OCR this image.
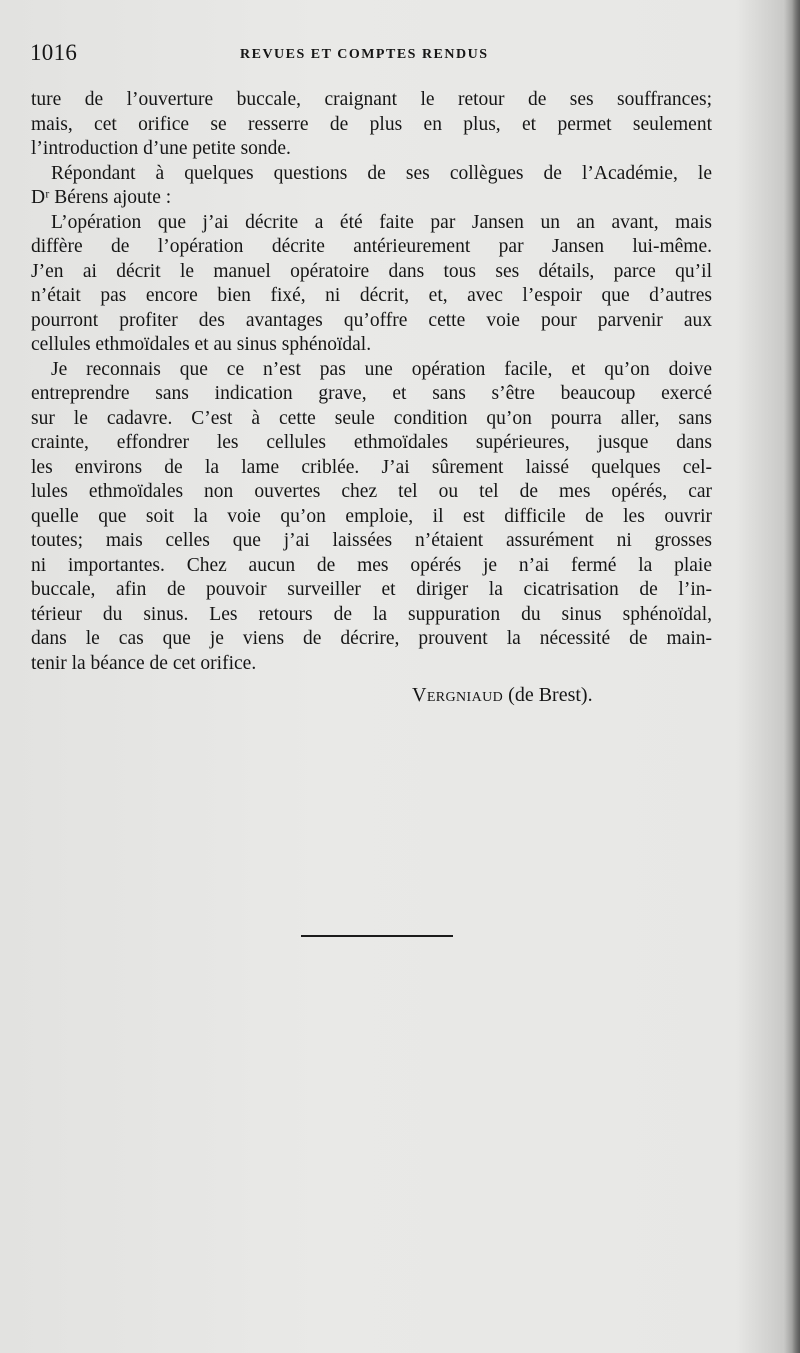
1016	REVUES ET COMPTES RENDUS
ture de l’ouverture buccale, craignant le retour de ses souffrances;
mais, cet orifice se resserre de plus en plus, et permet seulement
l’introduction d’une petite sonde.
Répondant à quelques questions de ses collègues de l’Académie, le
Dʳ Bérens ajoute :
L’opération que j’ai décrite a été faite par Jansen un an avant, mais
diffère de l’opération décrite antérieurement par Jansen lui-même.
J’en ai décrit le manuel opératoire dans tous ses détails, parce qu’il
n’était pas encore bien fixé, ni décrit, et, avec l’espoir que d’autres
pourront profiter des avantages qu’offre cette voie pour parvenir aux
cellules ethmoïdales et au sinus sphénoïdal.
Je reconnais que ce n’est pas une opération facile, et qu’on doive
entreprendre sans indication grave, et sans s’être beaucoup exercé
sur le cadavre. C’est à cette seule condition qu’on pourra aller, sans
crainte, effondrer les cellules ethmoïdales supérieures, jusque dans
les environs de la lame criblée. J’ai sûrement laissé quelques cel-
lules ethmoïdales non ouvertes chez tel ou tel de mes opérés, car
quelle que soit la voie qu’on emploie, il est difficile de les ouvrir
toutes; mais celles que j’ai laissées n’étaient assurément ni grosses
ni importantes. Chez aucun de mes opérés je n’ai fermé la plaie
buccale, afin de pouvoir surveiller et diriger la cicatrisation de l’in-
térieur du sinus. Les retours de la suppuration du sinus sphénoïdal,
dans le cas que je viens de décrire, prouvent la nécessité de main-
tenir la béance de cet orifice.
Vergniaud (de Brest).
